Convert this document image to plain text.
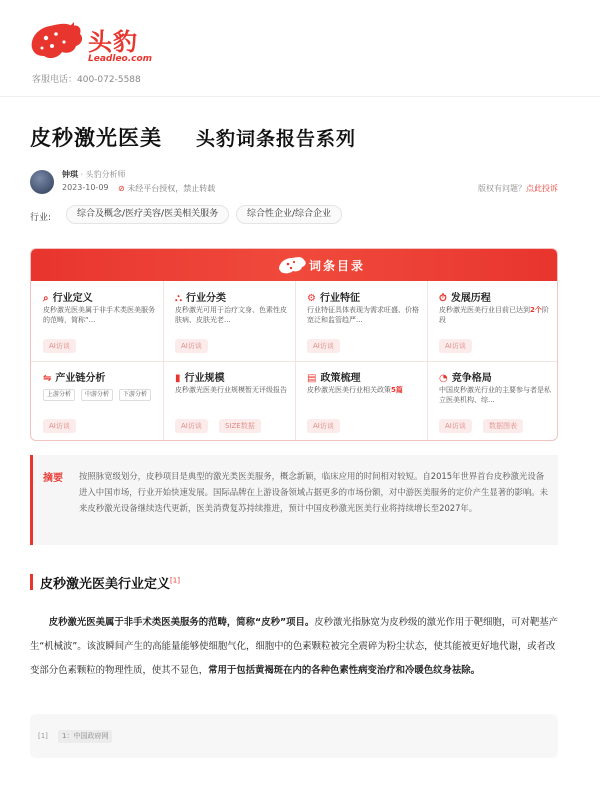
头豹
Leadleo.com
客服电话：400-072-5588
皮秒激光医美 头豹词条报告系列
钟琪 · 头豹分析师
2023-10-09 ⊘ 未经平台授权，禁止转载	版权有问题？点此投诉
行业:	综合及概念/医疗美容/医美相关服务	综合性企业/综合企业
词条目录
⌕ 行业定义
皮秒激光医美属于非手术类医美服务的范畴，简称“...
AI访谈
⛬ 行业分类
皮秒激光可用于治疗文身、色素性皮肤病、皮肤光老...
AI访谈
⚙ 行业特征
行业特征具体表现为需求旺盛、价格宽泛和监管趋严...
AI访谈
⏱ 发展历程
皮秒激光医美行业目前已达到2个阶段
AI访谈
⇋ 产业链分析
上游分析	中游分析	下游分析
AI访谈
▮ 行业规模
皮秒激光医美行业规模暂无评级报告
AI访谈	SIZE数据
▤ 政策梳理
皮秒激光医美行业相关政策5篇
AI访谈
◔ 竞争格局
中国皮秒激光行业的主要参与者是私立医美机构、综...
AI访谈	数据图表
摘要 按照脉宽级划分，皮秒项目是典型的激光类医美服务，概念新颖，临床应用的时间相对较短。自2015年世界首台皮秒激光设备进入中国市场，行业开始快速发展。国际品牌在上游设备领域占据更多的市场份额，对中游医美服务的定价产生显著的影响。未来皮秒激光设备继续迭代更新，医美消费复苏持续推进，预计中国皮秒激光医美行业将持续增长至2027年。
皮秒激光医美行业定义[1]
皮秒激光医美属于非手术类医美服务的范畴，简称“皮秒”项目。皮秒激光指脉宽为皮秒级的激光作用于靶细胞，可对靶基产生“机械波”。该波瞬间产生的高能量能够使细胞气化，细胞中的色素颗粒被完全震碎为粉尘状态，使其能被更好地代谢，或者改变部分色素颗粒的物理性质，使其不显色，常用于包括黄褐斑在内的各种色素性病变治疗和冷暖色纹身祛除。
[1]	1：中国政府网
